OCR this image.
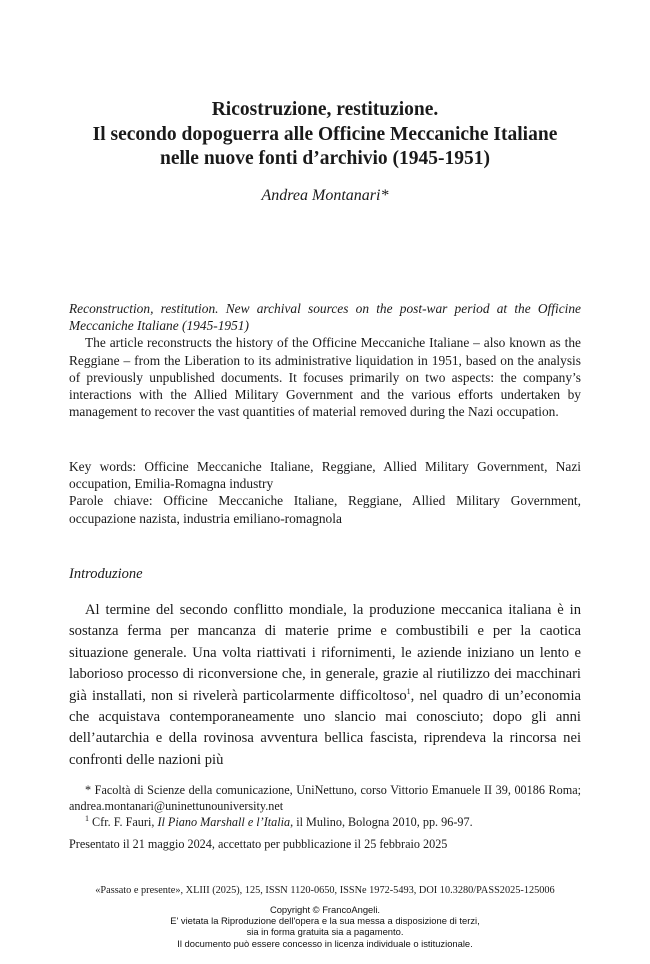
Ricostruzione, restituzione.
Il secondo dopoguerra alle Officine Meccaniche Italiane
nelle nuove fonti d’archivio (1945-1951)
Andrea Montanari*

Reconstruction, restitution. New archival sources on the post-war period at the Officine Meccaniche Italiane (1945-1951)

The article reconstructs the history of the Officine Meccaniche Italiane – also known as the Reggiane – from the Liberation to its administrative liquidation in 1951, based on the analysis of previously unpublished documents. It focuses primarily on two aspects: the company’s interactions with the Allied Military Government and the various efforts undertaken by management to recover the vast quantities of material removed during the Nazi occupation.

Key words: Officine Meccaniche Italiane, Reggiane, Allied Military Government, Nazi occupation, Emilia-Romagna industry

Parole chiave: Officine Meccaniche Italiane, Reggiane, Allied Military Government, occupazione nazista, industria emiliano-romagnola

Introduzione

Al termine del secondo conflitto mondiale, la produzione meccanica italiana è in sostanza ferma per mancanza di materie prime e combustibili e per la caotica situazione generale. Una volta riattivati i rifornimenti, le aziende iniziano un lento e laborioso processo di riconversione che, in generale, grazie al riutilizzo dei macchinari già installati, non si rivelerà particolarmente difficoltoso$^1$, nel quadro di un’economia che acquistava contemporaneamente uno slancio mai conosciuto; dopo gli anni dell’autarchia e della rovinosa avventura bellica fascista, riprendeva la rincorsa nei confronti delle nazioni più

* Facoltà di Scienze della comunicazione, UniNettuno, corso Vittorio Emanuele II 39, 00186 Roma; andrea.montanari@uninettunouniversity.net

$^1$ Cfr. F. Fauri, Il Piano Marshall e l’Italia, il Mulino, Bologna 2010, pp. 96-97.

Presentato il 21 maggio 2024, accettato per pubblicazione il 25 febbraio 2025
«Passato e presente», XLIII (2025), 125, ISSN 1120-0650, ISSNe 1972-5493, DOI 10.3280/PASS2025-125006
Copyright © FrancoAngeli.
E' vietata la Riproduzione dell'opera e la sua messa a disposizione di terzi,
sia in forma gratuita sia a pagamento.
Il documento può essere concesso in licenza individuale o istituzionale.
